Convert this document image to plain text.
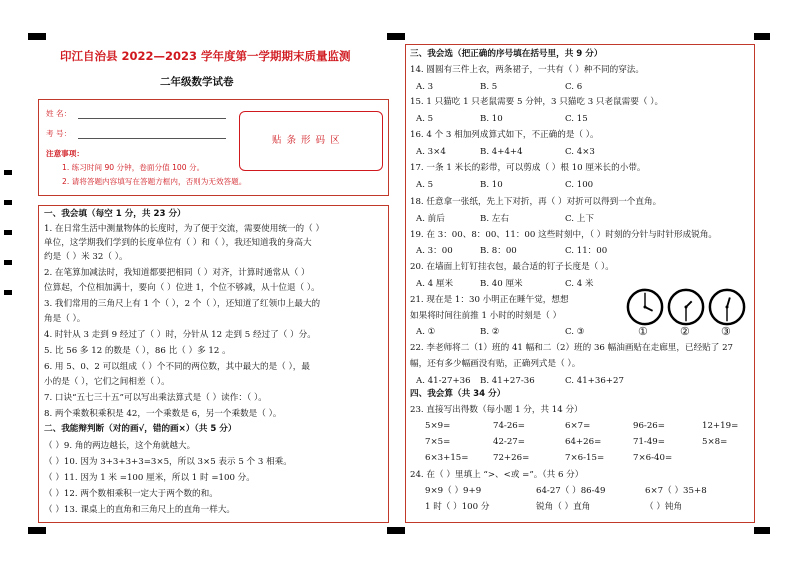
印江自治县 2022—2023 学年度第一学期期末质量监测
二年级数学试卷
姓 名：
考 号：
注意事项：
1. 练习时间 90 分钟，卷面分值 100 分。
2. 请将答题内容填写在答题方框内，否则为无效答题。
贴 条 形 码 区
一、我会填（每空 1 分，共 23 分）
1. 在日常生活中测量物体的长度时，为了便于交流，需要使用统一的（ ）
单位，这学期我们学到的长度单位有（ ）和（ ），我还知道我的身高大
约是（ ）米 32（ ）。
2. 在笔算加减法时，我知道都要把相同（ ）对齐，计算时通常从（ ）
位算起，个位相加满十，要向（ ）位进 1，个位不够减，从十位退（ ）。
3. 我们常用的三角尺上有 1 个（ ），2 个（ ），还知道了红领巾上最大的
角是（ ）。
4. 时针从 3 走到 9 经过了（ ）时，分针从 12 走到 5 经过了（ ）分。
5. 比 56 多 12 的数是（ ），86 比（ ）多 12 。
6. 用 5、0、2 可以组成（ ）个不同的两位数，其中最大的是（ ），最
小的是（ ），它们之间相差（ ）。
7. 口诀“五七三十五”可以写出乘法算式是（ ）读作：（ ）。
8. 两个乘数积乘积是 42，一个乘数是 6，另一个乘数是（ ）。
二、我能辩判断（对的画√，错的画×）（共 5 分）
（ ）9. 角的两边越长，这个角就越大。
（ ）10. 因为 3+3+3+3=3×5，所以 3×5 表示 5 个 3 相乘。
（ ）11. 因为 1 米 =100 厘米，所以 1 时 =100 分。
（ ）12. 两个数相乘积一定大于两个数的和。
（ ）13. 课桌上的直角和三角尺上的直角一样大。
三、我会选（把正确的序号填在括号里，共 9 分）
14. 圆圆有三件上衣，两条裙子，一共有（ ）种不同的穿法。
A. 3	B. 5	C. 6
15. 1 只猫吃 1 只老鼠需要 5 分钟，3 只猫吃 3 只老鼠需要（ ）。
A. 5	B. 10	C. 15
16. 4 个 3 相加列成算式如下，不正确的是（ ）。
A. 3×4	B. 4+4+4	C. 4×3
17. 一条 1 米长的彩带，可以剪成（ ）根 10 厘米长的小带。
A. 5	B. 10	C. 100
18. 任意拿一张纸，先上下对折，再（ ）对折可以得到一个直角。
A. 前后	B. 左右	C. 上下
19. 在 3：00、8：00、11：00 这些时刻中，（ ）时刻的分针与时针形成锐角。
A. 3：00	B. 8：00	C. 11：00
20. 在墙面上钉钉挂衣包，最合适的钉子长度是（ ）。
A. 4 厘米	B. 40 厘米	C. 4 米
21. 现在是 1：30 小明正在睡午觉，想想
如果将时间往前推 1 小时的时刻是（ ）
A. ①	B. ②	C. ③
22. 李老师将二（1）班的 41 幅和二（2）班的 36 幅油画贴在走廊里，已经贴了 27
幅，还有多少幅画没有贴，正确列式是（ ）。
A. 41-27+36 B. 41+27-36	C. 41+36+27
①	②	③
四、我会算（共 34 分）
23. 直接写出得数（每小题 1 分，共 14 分）
5×9=	74-26=	6×7=	96-26=	12+19=
7×5=	42-27=	64+26=	71-49=	5×8=
6×3+15=	72+26=	7×6-15=	7×6-40=
24. 在（ ）里填上 “>、<或 =”。（共 6 分）
9×9（ ）9+9	64-27（ ）86-49	6×7（ ）35+8
1 时（ ）100 分	锐角（ ）直角	（ ）钝角
